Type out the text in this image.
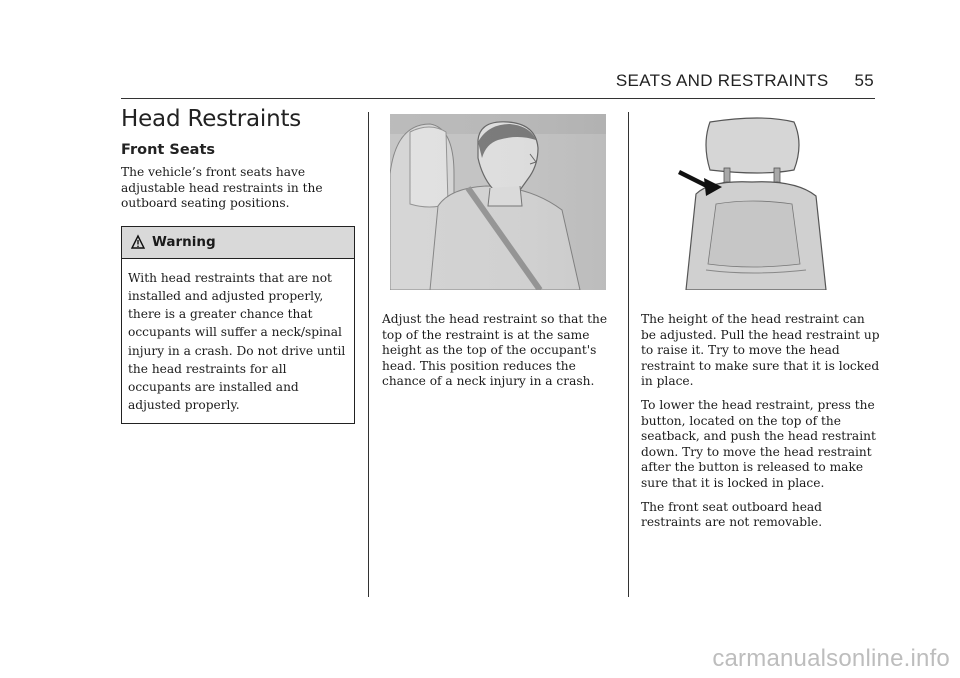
SEATS AND RESTRAINTS 55
Head Restraints
Front Seats

The vehicle’s front seats have adjustable head restraints in the outboard seating positions.

Warning
With head restraints that are not installed and adjusted properly, there is a greater chance that occupants will suffer a neck/spinal injury in a crash. Do not drive until the head restraints for all occupants are installed and adjusted properly.

Adjust the head restraint so that the top of the restraint is at the same height as the top of the occupant's head. This position reduces the chance of a neck injury in a crash.

The height of the head restraint can be adjusted. Pull the head restraint up to raise it. Try to move the head restraint to make sure that it is locked in place.

To lower the head restraint, press the button, located on the top of the seatback, and push the head restraint down. Try to move the head restraint after the button is released to make sure that it is locked in place.

The front seat outboard head restraints are not removable.

carmanualsonline.info
